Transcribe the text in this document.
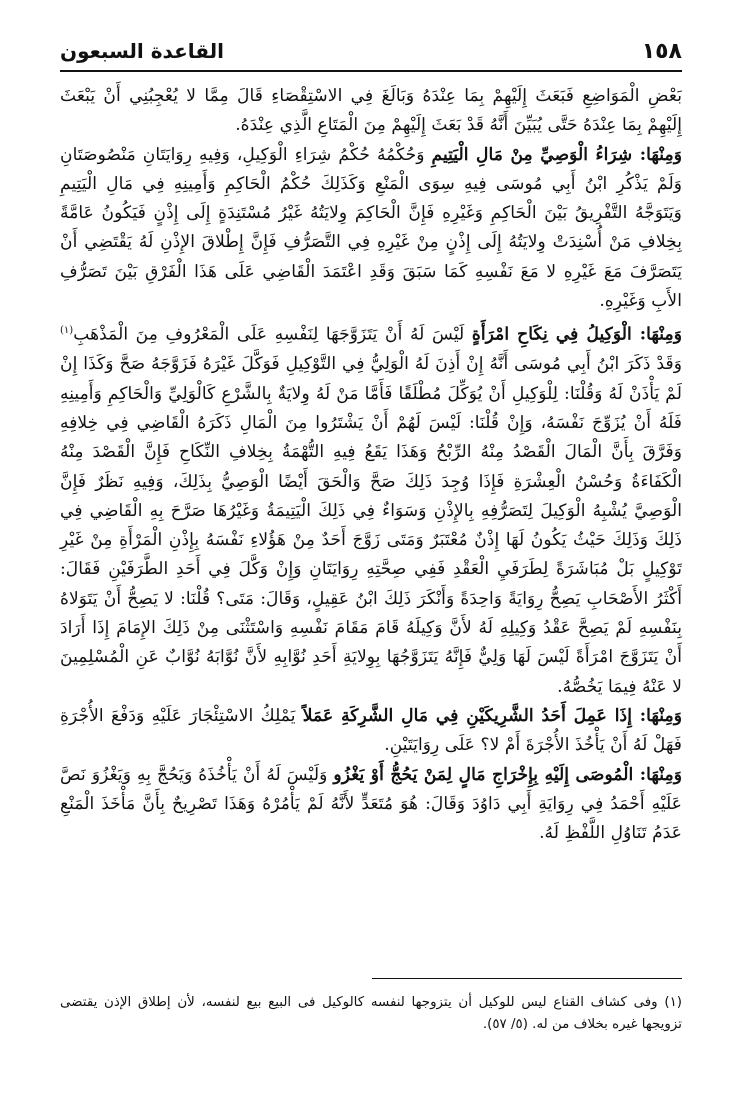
١٥٨
القاعدة السبعون

بَعْضِ الْمَوَاضِعِ فَبَعَثَ إِلَيْهِمْ بِمَا عِنْدَهُ وَبَالَغَ فِي الاسْتِقْصَاءِ قَالَ مِمَّا لا يُعْجِبُنِي أَنْ يَبْعَثَ إِلَيْهِمْ بِمَا عِنْدَهُ حَتَّى يُبَيِّنَ أَنَّهُ قَدْ بَعَثَ إِلَيْهِمْ مِنَ الْمَتَاعِ الَّذِي عِنْدَهُ.

وَمِنْهَا: شِرَاءُ الْوَصِيِّ مِنْ مَالِ الْيَتِيمِ وَحُكْمُهُ حُكْمُ شِرَاءِ الْوَكِيلِ، وَفِيهِ رِوَايَتَانِ مَنْصُوصَتَانِ وَلَمْ يَذْكُرِ ابْنُ أَبِي مُوسَى فِيهِ سِوَى الْمَنْعِ وَكَذَلِكَ حُكْمُ الْحَاكِمِ وَأَمِينِهِ فِي مَالِ الْيَتِيمِ وَيَتَوَجَّهُ التَّفْرِيقُ بَيْنَ الْحَاكِمِ وَغَيْرِهِ فَإِنَّ الْحَاكِمَ وِلايَتُهُ غَيْرُ مُسْتَنِدَةٍ إِلَى إِذْنٍ فَيَكُونُ عَامَّةً بِخِلافِ مَنْ أُسْنِدَتْ وِلايَتُهُ إِلَى إِذْنٍ مِنْ غَيْرِهِ فِي التَّصَرُّفِ فَإِنَّ إِطْلاقَ الإِذْنِ لَهُ يَقْتَضِي أَنْ يَتَصَرَّفَ مَعَ غَيْرِهِ لا مَعَ نَفْسِهِ كَمَا سَبَقَ وَقَدِ اعْتَمَدَ الْقَاضِي عَلَى هَذَا الْفَرْقِ بَيْنَ تَصَرُّفِ الأَبِ وَغَيْرِهِ.

وَمِنْهَا: الْوَكِيلُ فِي نِكَاحِ امْرَأَةٍ لَيْسَ لَهُ أَنْ يَتَزَوَّجَهَا لِنَفْسِهِ عَلَى الْمَعْرُوفِ مِنَ الْمَذْهَبِ$^{(١)}$ وَقَدْ ذَكَرَ ابْنُ أَبِي مُوسَى أَنَّهُ إِنْ أَذِنَ لَهُ الْوَلِيُّ فِي التَّوْكِيلِ فَوَكَّلَ غَيْرَهُ فَزَوَّجَهُ صَحَّ وَكَذَا إِنْ لَمْ يَأْذَنْ لَهُ وَقُلْنَا: لِلْوَكِيلِ أَنْ يُوَكِّلَ مُطْلَقًا فَأَمَّا مَنْ لَهُ وِلايَةٌ بِالشَّرْعِ كَالْوَلِيِّ وَالْحَاكِمِ وَأَمِينِهِ فَلَهُ أَنْ يُزَوِّجَ نَفْسَهُ، وَإِنْ قُلْنَا: لَيْسَ لَهُمْ أَنْ يَشْتَرُوا مِنَ الْمَالِ ذَكَرَهُ الْقَاضِي فِي خِلافِهِ وَفَرَّقَ بِأَنَّ الْمَالَ الْقَصْدُ مِنْهُ الرِّبْحُ وَهَذَا يَقَعُ فِيهِ التُّهْمَةُ بِخِلافِ النِّكَاحِ فَإِنَّ الْقَصْدَ مِنْهُ الْكَفَاءَةُ وَحُسْنُ الْعِشْرَةِ فَإِذَا وُجِدَ ذَلِكَ صَحَّ وَالْحَقَ أَيْضًا الْوَصِيُّ بِذَلِكَ، وَفِيهِ نَظَرٌ فَإِنَّ الْوَصِيَّ يُشْبِهُ الْوَكِيلَ لِتَصَرُّفِهِ بِالإِذْنِ وَسَوَاءٌ فِي ذَلِكَ الْيَتِيمَةُ وَغَيْرُهَا صَرَّحَ بِهِ الْقَاضِي فِي ذَلِكَ وَذَلِكَ حَيْثُ يَكُونُ لَهَا إِذْنٌ مُعْتَبَرٌ وَمَتَى زَوَّجَ أَحَدٌ مِنْ هَؤُلاءِ نَفْسَهُ بِإِذْنِ الْمَرْأَةِ مِنْ غَيْرِ تَوْكِيلٍ بَلْ مُبَاشَرَةً لِطَرَفَيِ الْعَقْدِ فَفِي صِحَّتِهِ رِوَايَتَانِ وَإِنْ وَكَّلَ فِي أَحَدِ الطَّرَفَيْنِ فَقَالَ: أَكْثَرُ الأَصْحَابِ يَصِحُّ رِوَايَةً وَاحِدَةً وَأَنْكَرَ ذَلِكَ ابْنُ عَقِيلٍ، وَقَالَ: مَتَى؟ قُلْنَا: لا يَصِحُّ أَنْ يَتَوَلاهُ بِنَفْسِهِ لَمْ يَصِحَّ عَقْدُ وَكِيلِهِ لَهُ لأَنَّ وَكِيلَهُ قَامَ مَقَامَ نَفْسِهِ وَاسْتَثْنَى مِنْ ذَلِكَ الإِمَامَ إِذَا أَرَادَ أَنْ يَتَزَوَّجَ امْرَأَةً لَيْسَ لَهَا وَلِيٌّ فَإِنَّهُ يَتَزَوَّجُهَا بِوِلايَةِ أَحَدِ نُوَّابِهِ لأَنَّ نُوَّابَهُ نُوَّابٌ عَنِ الْمُسْلِمِينَ لا عَنْهُ فِيمَا يَخُصُّهُ.

وَمِنْهَا: إِذَا عَمِلَ أَحَدُ الشَّرِيكَيْنِ فِي مَالِ الشَّرِكَةِ عَمَلاً يَمْلِكُ الاسْتِئْجَارَ عَلَيْهِ وَدَفْعَ الأُجْرَةِ فَهَلْ لَهُ أَنْ يَأْخُذَ الأُجْرَةَ أَمْ لا؟ عَلَى رِوَايَتَيْنِ.

وَمِنْهَا: الْمُوصَى إِلَيْهِ بِإِخْرَاجِ مَالٍ لِمَنْ يَحُجُّ أَوْ يَغْزُو وَلَيْسَ لَهُ أَنْ يَأْخُذَهُ وَيَحُجَّ بِهِ وَيَغْزُوَ نَصَّ عَلَيْهِ أَحْمَدُ فِي رِوَايَةِ أَبِي دَاوُدَ وَقَالَ: هُوَ مُتَعَدٍّ لأَنَّهُ لَمْ يَأْمُرْهُ وَهَذَا تَصْرِيحٌ بِأَنَّ مَأْخَذَ الْمَنْعِ عَدَمُ تَنَاوُلِ اللَّفْظِ لَهُ.

(١) وفى كشاف القناع ليس للوكيل أن يتزوجها لنفسه كالوكيل فى البيع بيع لنفسه، لأن إطلاق الإذن يقتضى تزويجها غيره بخلاف من له. (٥/ ٥٧).
